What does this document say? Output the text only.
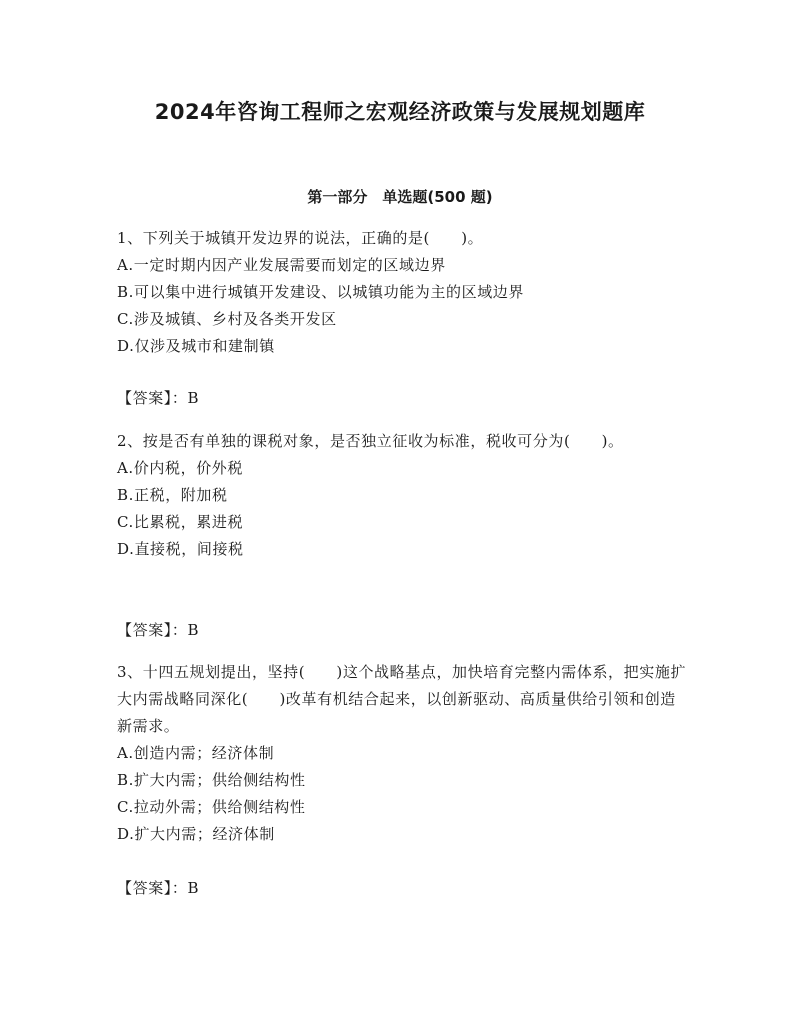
2024年咨询工程师之宏观经济政策与发展规划题库
第一部分　单选题(500 题)

1、下列关于城镇开发边界的说法，正确的是(　　)。

A.一定时期内因产业发展需要而划定的区域边界

B.可以集中进行城镇开发建设、以城镇功能为主的区域边界

C.涉及城镇、乡村及各类开发区

D.仅涉及城市和建制镇

【答案】：B

2、按是否有单独的课税对象，是否独立征收为标准，税收可分为(　　)。

A.价内税，价外税

B.正税，附加税

C.比累税，累进税

D.直接税，间接税

【答案】：B

3、十四五规划提出，坚持(　　)这个战略基点，加快培育完整内需体系，把实施扩大内需战略同深化(　　)改革有机结合起来，以创新驱动、高质量供给引领和创造新需求。

A.创造内需；经济体制

B.扩大内需；供给侧结构性

C.拉动外需；供给侧结构性

D.扩大内需；经济体制

【答案】：B
